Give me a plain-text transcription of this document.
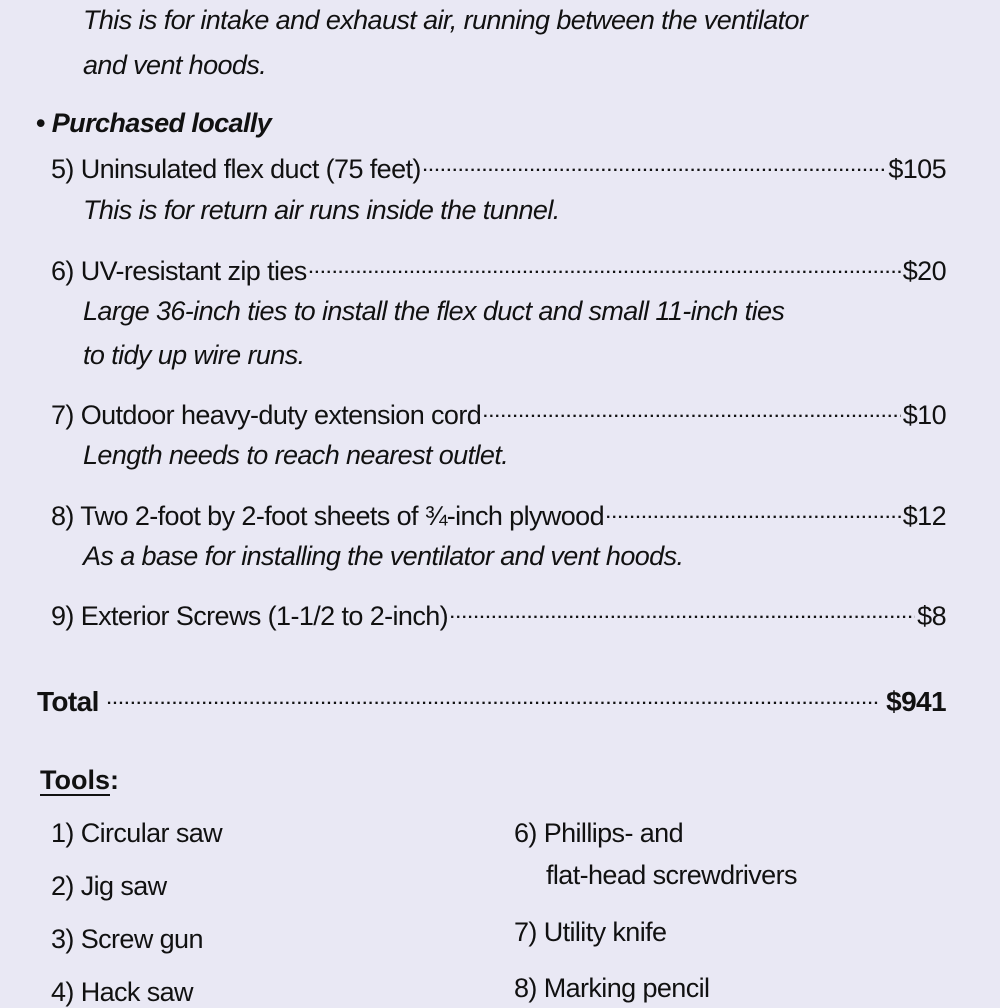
This is for intake and exhaust air, running between the ventilator
and vent hoods.
• Purchased locally
5) Uninsulated flex duct (75 feet) .....	$105
This is for return air runs inside the tunnel.
6) UV-resistant zip ties .....	$20
Large 36-inch ties to install the flex duct and small 11-inch ties
to tidy up wire runs.
7) Outdoor heavy-duty extension cord .....	$10
Length needs to reach nearest outlet.
8) Two 2-foot by 2-foot sheets of ¾-inch plywood .....	$12
As a base for installing the ventilator and vent hoods.
9) Exterior Screws (1-1/2 to 2-inch) .....	$8
Total .....	$941
Tools:
1) Circular saw
2) Jig saw
3) Screw gun
4) Hack saw
6) Phillips- and
flat-head screwdrivers
7) Utility knife
8) Marking pencil
